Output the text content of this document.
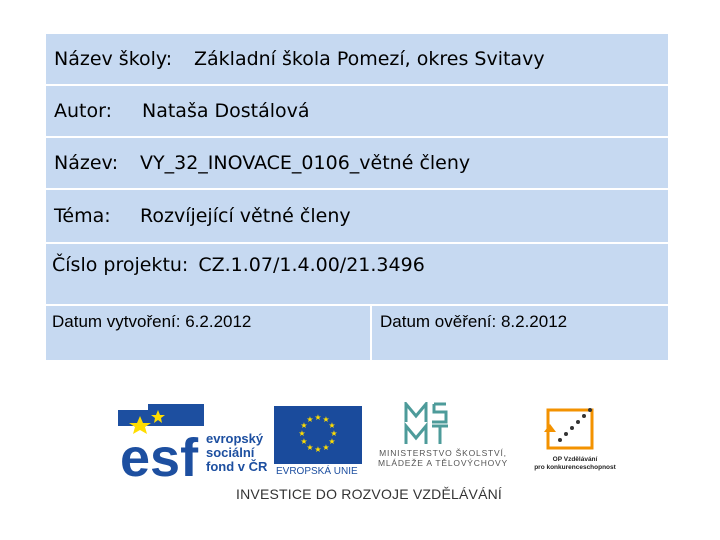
Název školy:	Základní škola Pomezí, okres Svitavy
Autor:	Nataša Dostálová
Název:	VY_32_INOVACE_0106_větné členy
Téma:	Rozvíjející větné členy
Číslo projektu: CZ.1.07/1.4.00/21.3496
Datum vytvoření: 6.2.2012	Datum ověření: 8.2.2012
esf evropský
sociální
fond v ČR
★ ★
★
★
★
★
★
★
★
★
★
★
EVROPSKÁ UNIE
MINISTERSTVO ŠKOLSTVÍ,
MLÁDEŽE A TĚLOVÝCHOVY	OP Vzdělávání
pro konkurenceschopnost
INVESTICE DO ROZVOJE VZDĚLÁVÁNÍ
